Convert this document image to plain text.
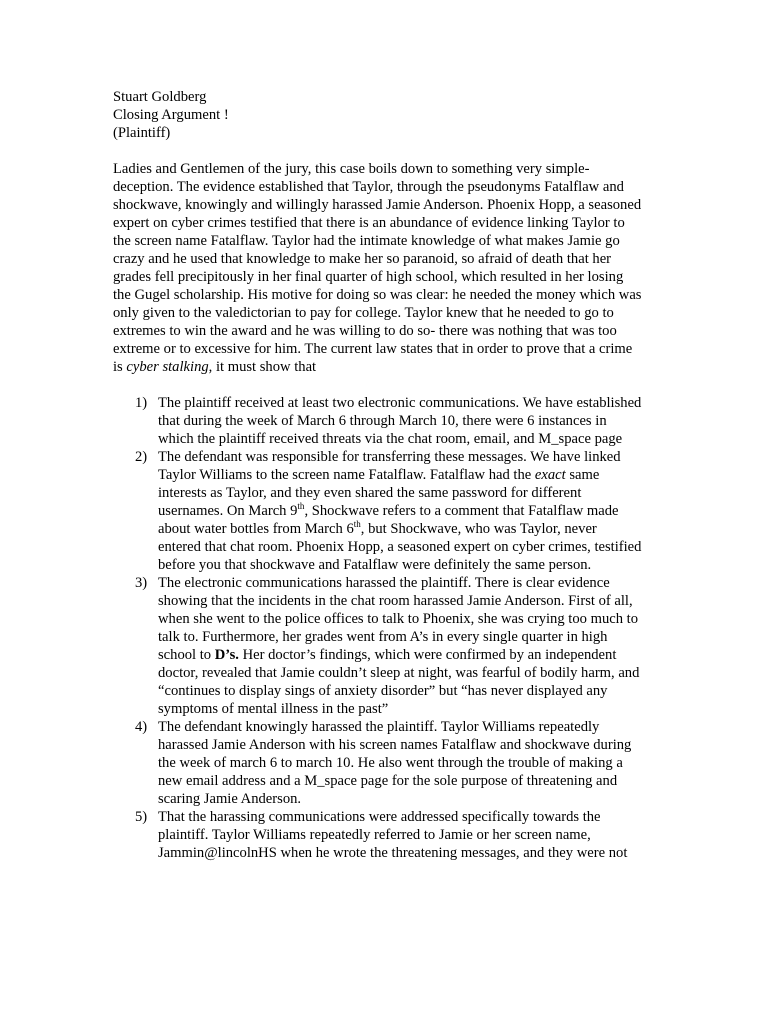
Stuart Goldberg
Closing Argument !
(Plaintiff)

Ladies and Gentlemen of the jury, this case boils down to something very simple- deception. The evidence established that Taylor, through the pseudonyms Fatalflaw and shockwave, knowingly and willingly harassed Jamie Anderson. Phoenix Hopp, a seasoned expert on cyber crimes testified that there is an abundance of evidence linking Taylor to the screen name Fatalflaw. Taylor had the intimate knowledge of what makes Jamie go crazy and he used that knowledge to make her so paranoid, so afraid of death that her grades fell precipitously in her final quarter of high school, which resulted in her losing the Gugel scholarship. His motive for doing so was clear: he needed the money which was only given to the valedictorian to pay for college. Taylor knew that he needed to go to extremes to win the award and he was willing to do so- there was nothing that was too extreme or to excessive for him. The current law states that in order to prove that a crime is cyber stalking, it must show that

1) The plaintiff received at least two electronic communications. We have established that during the week of March 6 through March 10, there were 6 instances in which the plaintiff received threats via the chat room, email, and M_space page
2) The defendant was responsible for transferring these messages. We have linked Taylor Williams to the screen name Fatalflaw. Fatalflaw had the exact same interests as Taylor, and they even shared the same password for different usernames. On March 9th, Shockwave refers to a comment that Fatalflaw made about water bottles from March 6th, but Shockwave, who was Taylor, never entered that chat room. Phoenix Hopp, a seasoned expert on cyber crimes, testified before you that shockwave and Fatalflaw were definitely the same person.
3) The electronic communications harassed the plaintiff. There is clear evidence showing that the incidents in the chat room harassed Jamie Anderson. First of all, when she went to the police offices to talk to Phoenix, she was crying too much to talk to. Furthermore, her grades went from A’s in every single quarter in high school to D’s. Her doctor’s findings, which were confirmed by an independent doctor, revealed that Jamie couldn’t sleep at night, was fearful of bodily harm, and “continues to display sings of anxiety disorder” but “has never displayed any symptoms of mental illness in the past”
4) The defendant knowingly harassed the plaintiff. Taylor Williams repeatedly harassed Jamie Anderson with his screen names Fatalflaw and shockwave during the week of march 6 to march 10. He also went through the trouble of making a new email address and a M_space page for the sole purpose of threatening and scaring Jamie Anderson.
5) That the harassing communications were addressed specifically towards the plaintiff. Taylor Williams repeatedly referred to Jamie or her screen name, Jammin@lincolnHS when he wrote the threatening messages, and they were not
